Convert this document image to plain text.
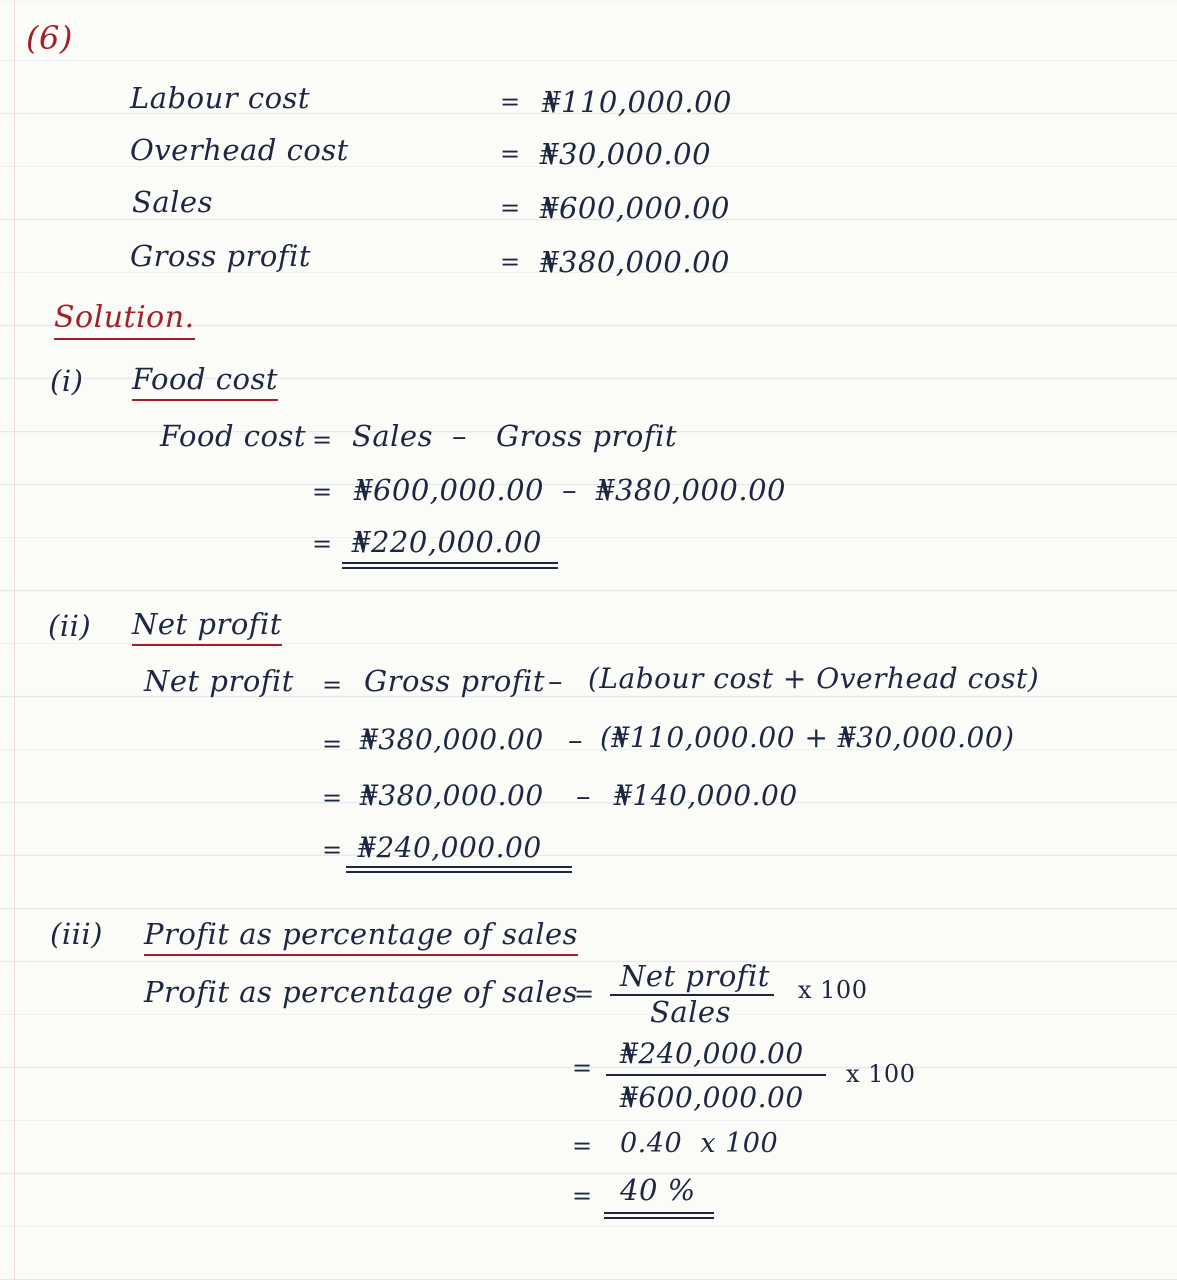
(6)
Labour cost	= ₦110,000.00
Overhead cost	= ₦30,000.00
Sales	= ₦600,000.00
Gross profit	= ₦380,000.00
Solution.
(i) Food cost
Food cost = Sales – Gross profit
= ₦600,000.00 – ₦380,000.00
= ₦220,000.00
(ii) Net profit
Net profit = Gross profit – (Labour cost + Overhead cost)
= ₦380,000.00 – (₦110,000.00 + ₦30,000.00)
= ₦380,000.00 – ₦140,000.00
= ₦240,000.00
(iii) Profit as percentage of sales
Profit as percentage of sales
=
Net profit
Sales
x 100
= ₦240,000.00
₦600,000.00
x 100
= 0.40  x 100
= 40 %
